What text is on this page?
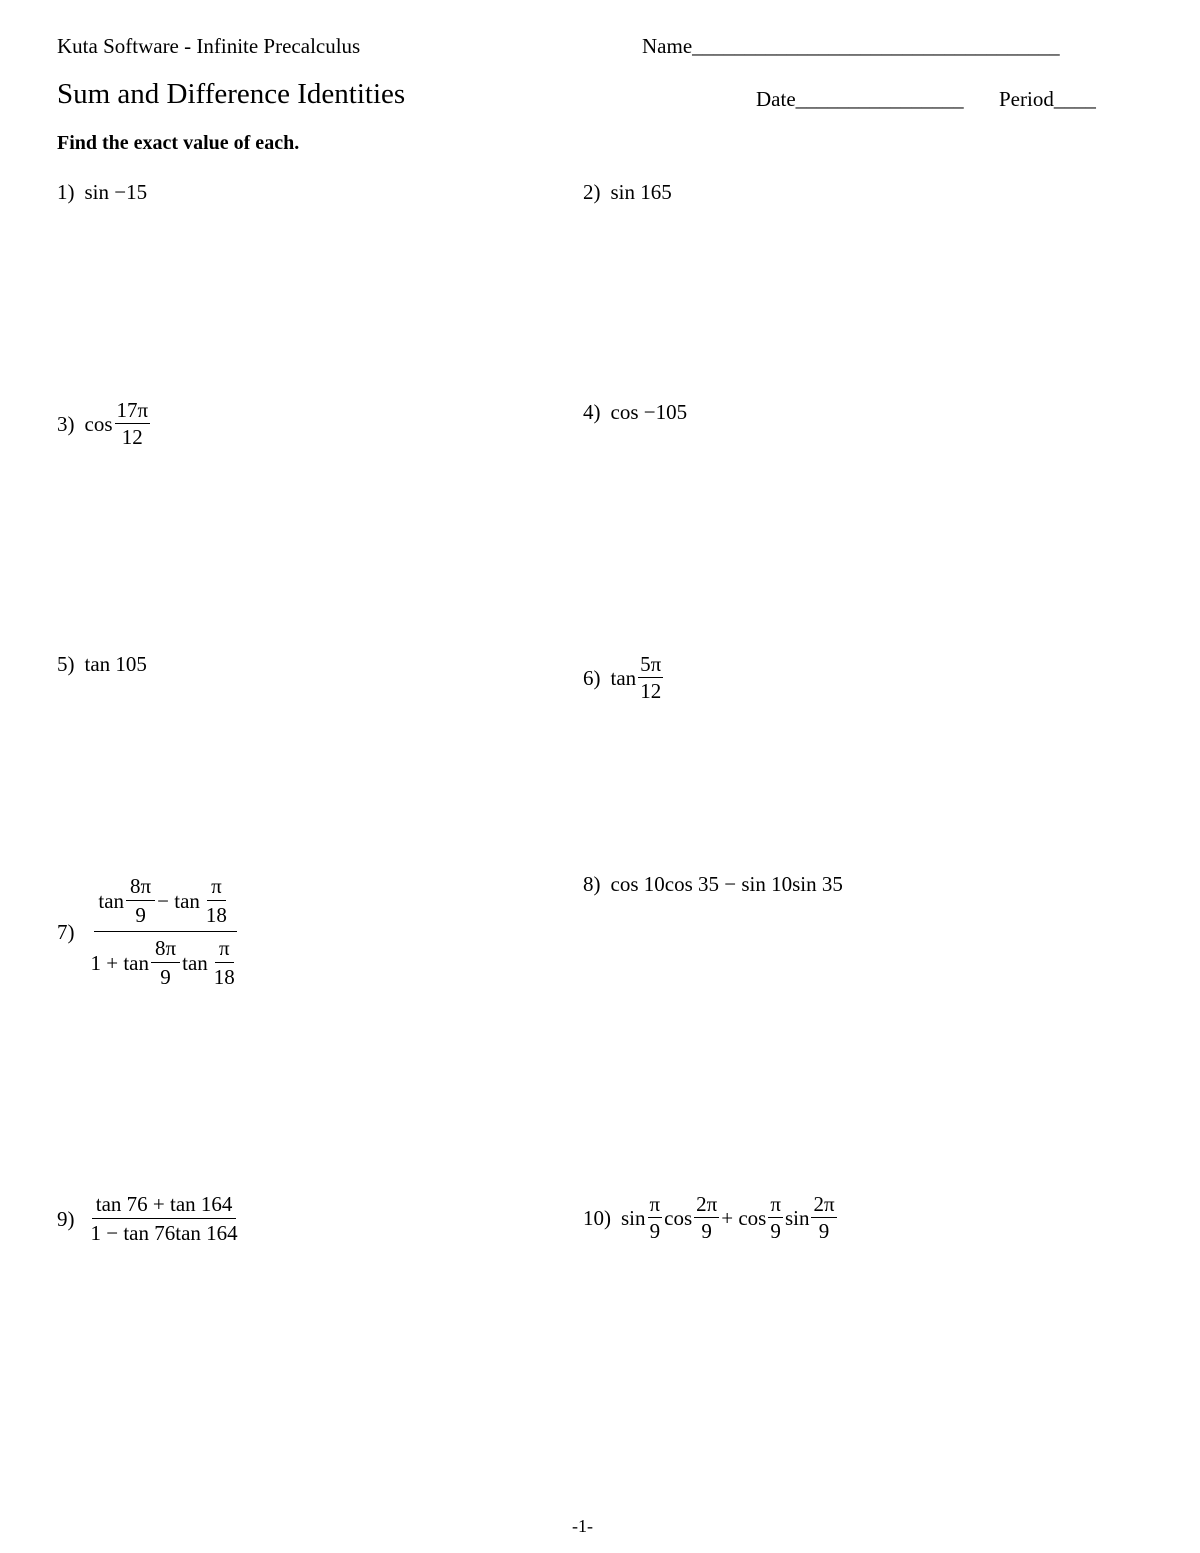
Kuta Software - Infinite Precalculus	Name___________________________________
Sum and Difference Identities	Date________________ Period____
Find the exact value of each.
1) sin −15	2) sin 165
3) $\cos \frac{17\pi}{12}$	4) cos −105
5) tan 105
6) $\tan \frac{5\pi}{12}$
7)
$\tan \frac{8\pi}{9}$ −
$\tan \frac{\pi}{18}$
1 +
$\tan \frac{8\pi}{9}$ $\tan \frac{\pi}{18}$
8) cos 10cos 35 − sin 10sin 35
$9) \frac{\tan 76 + \tan 164}{1 - \tan 76\tan 164}$	10) $\sin \frac{\pi}{9}$ $\cos \frac{2\pi}{9}$ +
$\cos \frac{\pi}{9}$ $\sin \frac{2\pi}{9}$
-1-
